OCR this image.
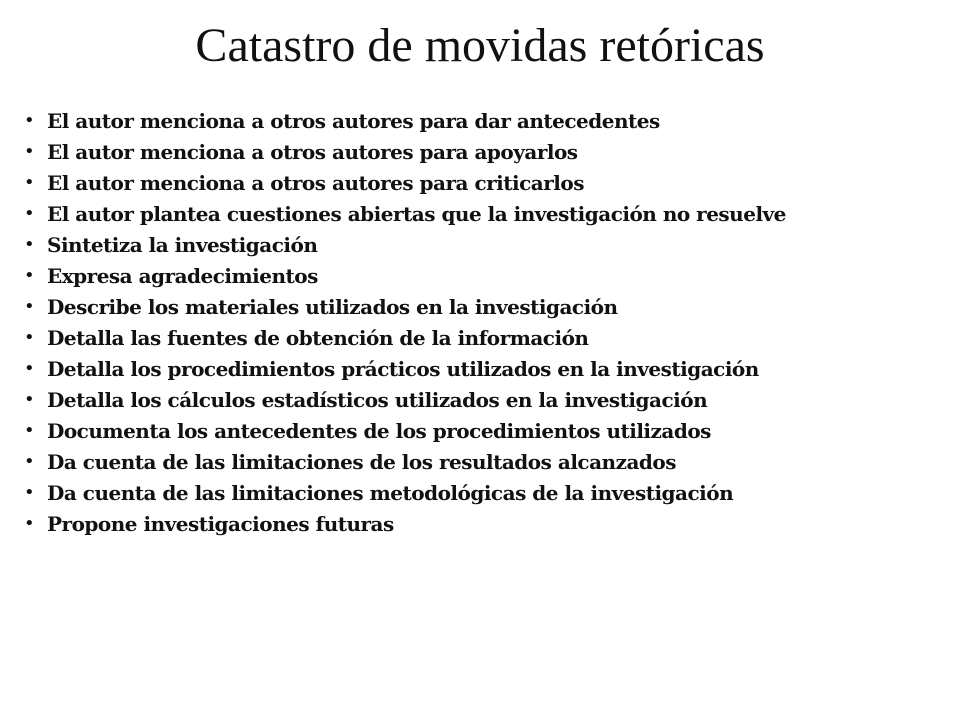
Catastro de movidas retóricas
• El autor menciona a otros autores para dar antecedentes
• El autor menciona a otros autores para apoyarlos
• El autor menciona a otros autores para criticarlos
• El autor plantea cuestiones abiertas que la investigación no resuelve
• Sintetiza la investigación
• Expresa agradecimientos
• Describe los materiales utilizados en la investigación
• Detalla las fuentes de obtención de la información
• Detalla los procedimientos prácticos utilizados en la investigación
• Detalla los cálculos estadísticos utilizados en la investigación
• Documenta los antecedentes de los procedimientos utilizados
• Da cuenta de las limitaciones de los resultados alcanzados
• Da cuenta de las limitaciones metodológicas de la investigación
• Propone investigaciones futuras
